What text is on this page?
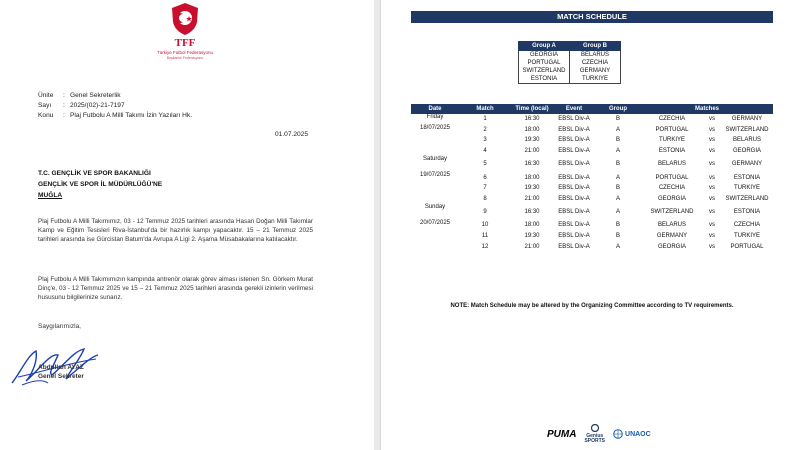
TFF
Türkiye Futbol Federasyonu
Başkanlık Federasyonu
Ünite	: Genel Sekreterlik
Sayı	: 2025/(02)-21-7197
Konu	: Plaj Futbolu A Milli Takımı İzin Yazıları Hk.
01.07.2025
T.C. GENÇLİK VE SPOR BAKANLIĞI
GENÇLİK VE SPOR İL MÜDÜRLÜĞÜ'NE
MUĞLA
Plaj Futbolu A Milli Takımımız, 03 - 12 Temmuz 2025 tarihleri arasında Hasan Doğan Milli Takımlar Kamp ve Eğitim Tesisleri Riva-İstanbul'da bir hazırlık kampı yapacaktır. 15 – 21 Temmuz 2025 tarihleri arasında ise Gürcistan Batum'da Avrupa A Ligi 2. Aşama Müsabakalarına katılacaktır.
Plaj Futbolu A Milli Takımımızın kampında antrenör olarak görev alması istenen Sn. Görkem Murat Dinç'e, 03 - 12 Temmuz 2025 ve 15 – 21 Temmuz 2025 tarihleri arasında gerekli izinlerin verilmesi hususunu bilgilerinize sunarız.
Saygılarımızla,
Abdullah AYAZ
Genel Sekreter
MATCH SCHEDULE
Group A	Group B
GEORGIA	BELARUS
PORTUGAL	CZECHIA
SWITZERLAND	GERMANY
ESTONIA	TURKIYE
Date	Match	Time (local)	Event	Group	Matches		
Friday	1	16:30	EBSL Div-A	B	CZECHIA	vs	GERMANY
18/07/2025	2	18:00	EBSL Div-A	A	PORTUGAL	vs	SWITZERLAND
	3	19:30	EBSL Div-A	B	TURKIYE	vs	BELARUS
	4	21:00	EBSL Div-A	A	ESTONIA	vs	GEORGIA
Saturday	5	16:30	EBSL Div-A	B	BELARUS	vs	GERMANY
19/07/2025	6	18:00	EBSL Div-A	A	PORTUGAL	vs	ESTONIA
	7	19:30	EBSL Div-A	B	CZECHIA	vs	TURKIYE
	8	21:00	EBSL Div-A	A	GEORGIA	vs	SWITZERLAND
Sunday	9	16:30	EBSL Div-A	A	SWITZERLAND	vs	ESTONIA
20/07/2025	10	18:00	EBSL Div-A	B	BELARUS	vs	CZECHIA
	11	19:30	EBSL Div-A	B	GERMANY	vs	TURKIYE
	12	21:00	EBSL Div-A	A	GEORGIA	vs	PORTUGAL
NOTE: Match Schedule may be altered by the Organizing Committee according to TV requirements.
PUMA	Genius
SPORTS
UNAOC
